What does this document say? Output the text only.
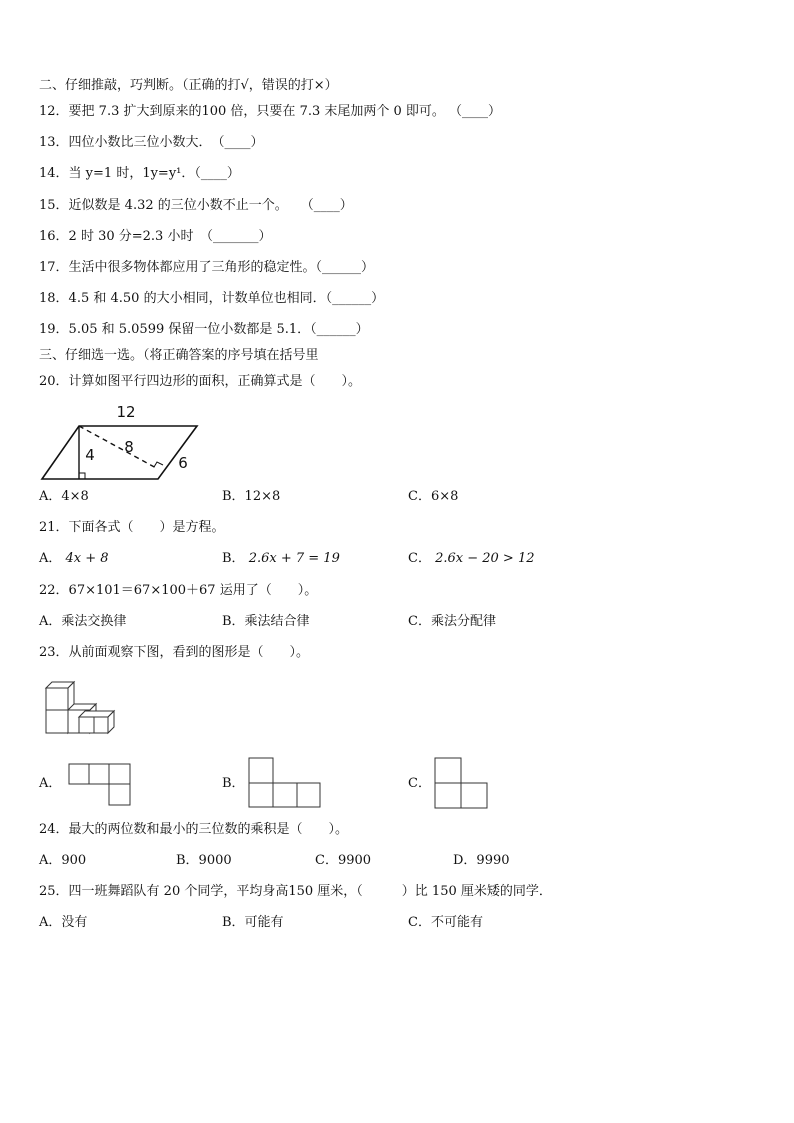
二、仔细推敲，巧判断。（正确的打√，错误的打×）
12．要把 7.3 扩大到原来的100 倍，只要在 7.3 末尾加两个 0 即可。 （____）
13．四位小数比三位小数大．　（____）
14．当 y=1 时，1y=y¹．（____）
15．近似数是 4.32 的三位小数不止一个。　　（____）
16．2 时 30 分=2.3 小时　（_______）
17．生活中很多物体都应用了三角形的稳定性。（______）
18．4.5 和 4.50 的大小相同，计数单位也相同．（______）
19．5.05 和 5.0599 保留一位小数都是 5.1．（______）
三、仔细选一选。（将正确答案的序号填在括号里
20．计算如图平行四边形的面积，正确算式是（　　）。
12
8
4	6
A．4×8	B．12×8	C．6×8
21．下面各式（　　）是方程。
A． 4x + 8	B． 2.6x + 7 = 19	C． 2.6x − 20 > 12
22．67×101＝67×100＋67 运用了（　　）。
A．乘法交换律	B．乘法结合律	C．乘法分配律
23．从前面观察下图，看到的图形是（　　）。
A．	B．	C．
24．最大的两位数和最小的三位数的乘积是（　　）。
A．900	B．9000	C．9900	D．9990
25．四一班舞蹈队有 20 个同学，平均身高150 厘米，（　　　）比 150 厘米矮的同学．
A．没有	B．可能有	C．不可能有
